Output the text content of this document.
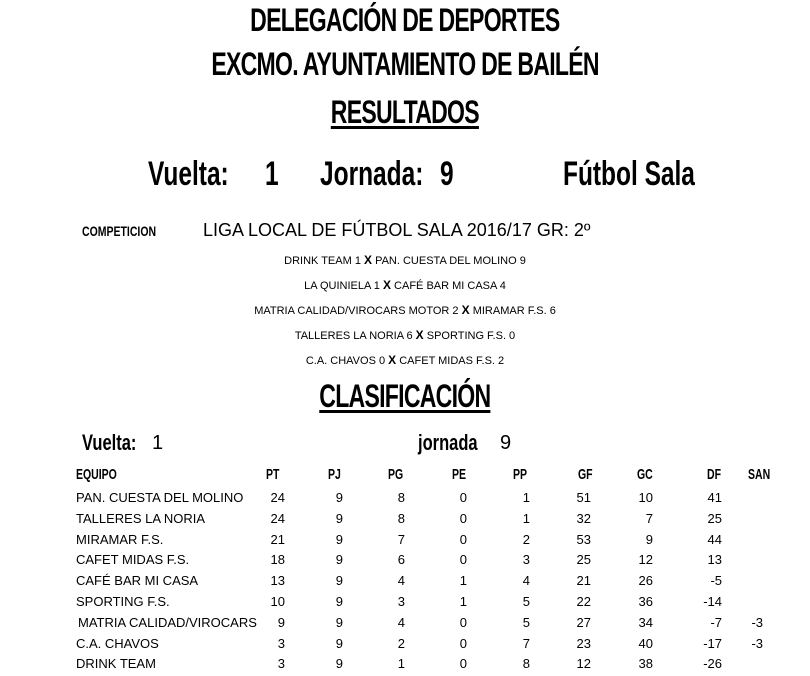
DELEGACIÓN DE DEPORTES
EXCMO. AYUNTAMIENTO DE BAILÉN
RESULTADOS
Vuelta:	1 Jornada: 9	Fútbol Sala
COMPETICION	LIGA LOCAL DE FÚTBOL SALA 2016/17 GR: 2º
DRINK TEAM 1 X PAN. CUESTA DEL MOLINO 9
LA QUINIELA 1 X CAFÉ BAR MI CASA 4
MATRIA CALIDAD/VIROCARS MOTOR 2 X MIRAMAR F.S. 6
TALLERES LA NORIA 6 X SPORTING F.S. 0
C.A. CHAVOS 0 X CAFET MIDAS F.S. 2
CLASIFICACIÓN
Vuelta: 1	jornada	9
EQUIPO	PT	PJ	PG	PE	PP	GF	GC	DF SAN
PAN. CUESTA DEL MOLINO	24	9	8	0	1	51	10	41
TALLERES LA NORIA	24	9	8	0	1	32	7	25
MIRAMAR F.S.	21	9	7	0	2	53	9	44
CAFET MIDAS F.S.	18	9	6	0	3	25	12	13
CAFÉ BAR MI CASA	13	9	4	1	4	21	26	-5
SPORTING F.S.	10	9	3	1	5	22	36	-14
MATRIA CALIDAD/VIROCARS	9	9	4	0	5	27	34	-7	-3
C.A. CHAVOS	3	9	2	0	7	23	40	-17	-3
DRINK TEAM	3	9	1	0	8	12	38	-26
